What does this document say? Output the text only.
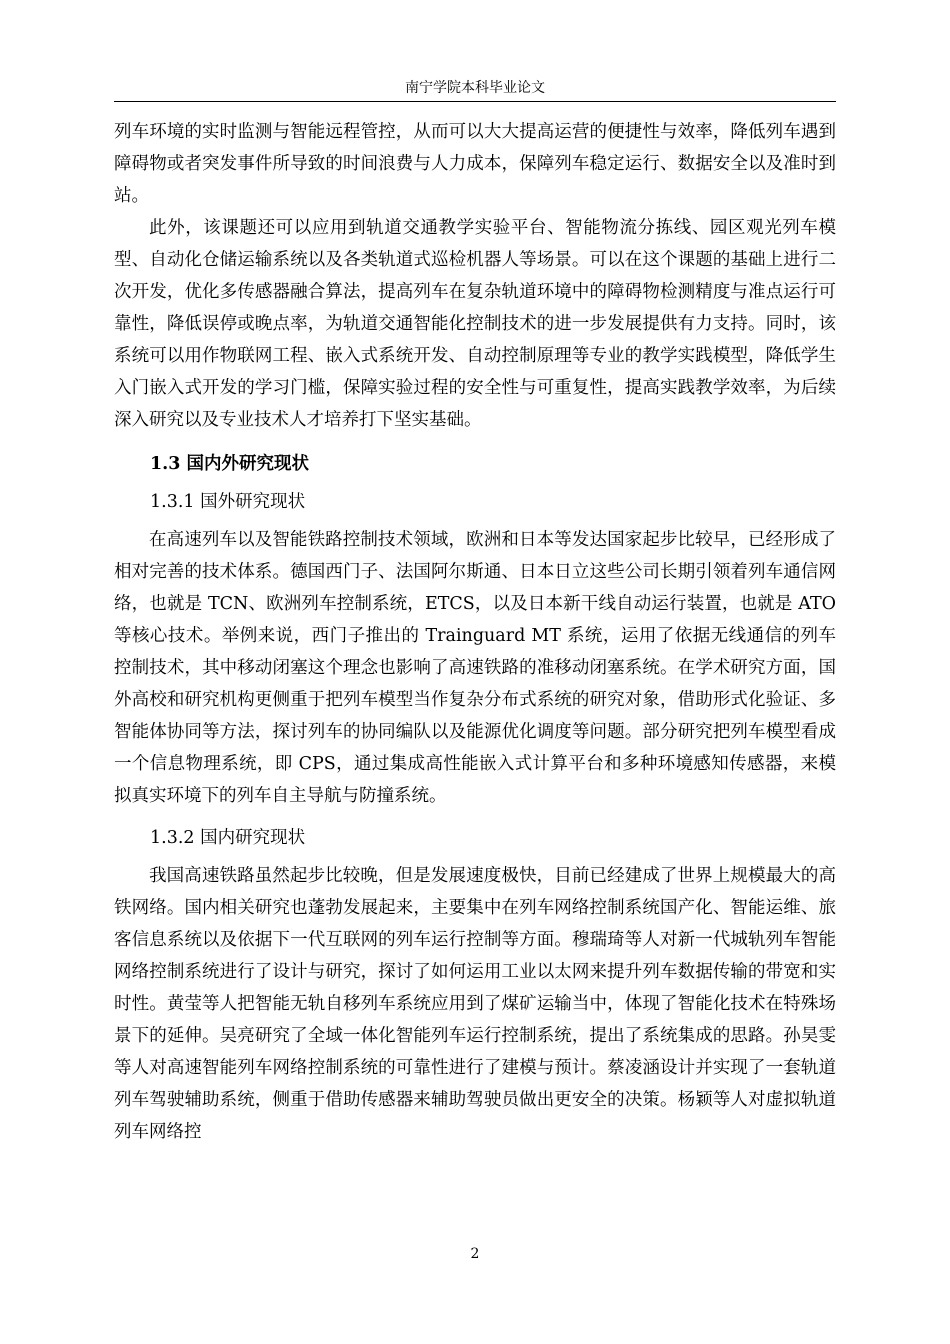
南宁学院本科毕业论文

列车环境的实时监测与智能远程管控，从而可以大大提高运营的便捷性与效率，降低列车遇到障碍物或者突发事件所导致的时间浪费与人力成本，保障列车稳定运行、数据安全以及准时到站。

此外，该课题还可以应用到轨道交通教学实验平台、智能物流分拣线、园区观光列车模型、自动化仓储运输系统以及各类轨道式巡检机器人等场景。可以在这个课题的基础上进行二次开发，优化多传感器融合算法，提高列车在复杂轨道环境中的障碍物检测精度与准点运行可靠性，降低误停或晚点率，为轨道交通智能化控制技术的进一步发展提供有力支持。同时，该系统可以用作物联网工程、嵌入式系统开发、自动控制原理等专业的教学实践模型，降低学生入门嵌入式开发的学习门槛，保障实验过程的安全性与可重复性，提高实践教学效率，为后续深入研究以及专业技术人才培养打下坚实基础。

1.3 国内外研究现状
1.3.1 国外研究现状

在高速列车以及智能铁路控制技术领域，欧洲和日本等发达国家起步比较早，已经形成了相对完善的技术体系。德国西门子、法国阿尔斯通、日本日立这些公司长期引领着列车通信网络，也就是 TCN、欧洲列车控制系统，ETCS，以及日本新干线自动运行装置，也就是 ATO 等核心技术。举例来说，西门子推出的 Trainguard MT 系统，运用了依据无线通信的列车控制技术，其中移动闭塞这个理念也影响了高速铁路的准移动闭塞系统。在学术研究方面，国外高校和研究机构更侧重于把列车模型当作复杂分布式系统的研究对象，借助形式化验证、多智能体协同等方法，探讨列车的协同编队以及能源优化调度等问题。部分研究把列车模型看成一个信息物理系统，即 CPS，通过集成高性能嵌入式计算平台和多种环境感知传感器，来模拟真实环境下的列车自主导航与防撞系统。

1.3.2 国内研究现状

我国高速铁路虽然起步比较晚，但是发展速度极快，目前已经建成了世界上规模最大的高铁网络。国内相关研究也蓬勃发展起来，主要集中在列车网络控制系统国产化、智能运维、旅客信息系统以及依据下一代互联网的列车运行控制等方面。穆瑞琦等人对新一代城轨列车智能网络控制系统进行了设计与研究，探讨了如何运用工业以太网来提升列车数据传输的带宽和实时性。黄莹等人把智能无轨自移列车系统应用到了煤矿运输当中，体现了智能化技术在特殊场景下的延伸。吴亮研究了全域一体化智能列车运行控制系统，提出了系统集成的思路。孙昊雯等人对高速智能列车网络控制系统的可靠性进行了建模与预计。蔡凌涵设计并实现了一套轨道列车驾驶辅助系统，侧重于借助传感器来辅助驾驶员做出更安全的决策。杨颖等人对虚拟轨道列车网络控

2
